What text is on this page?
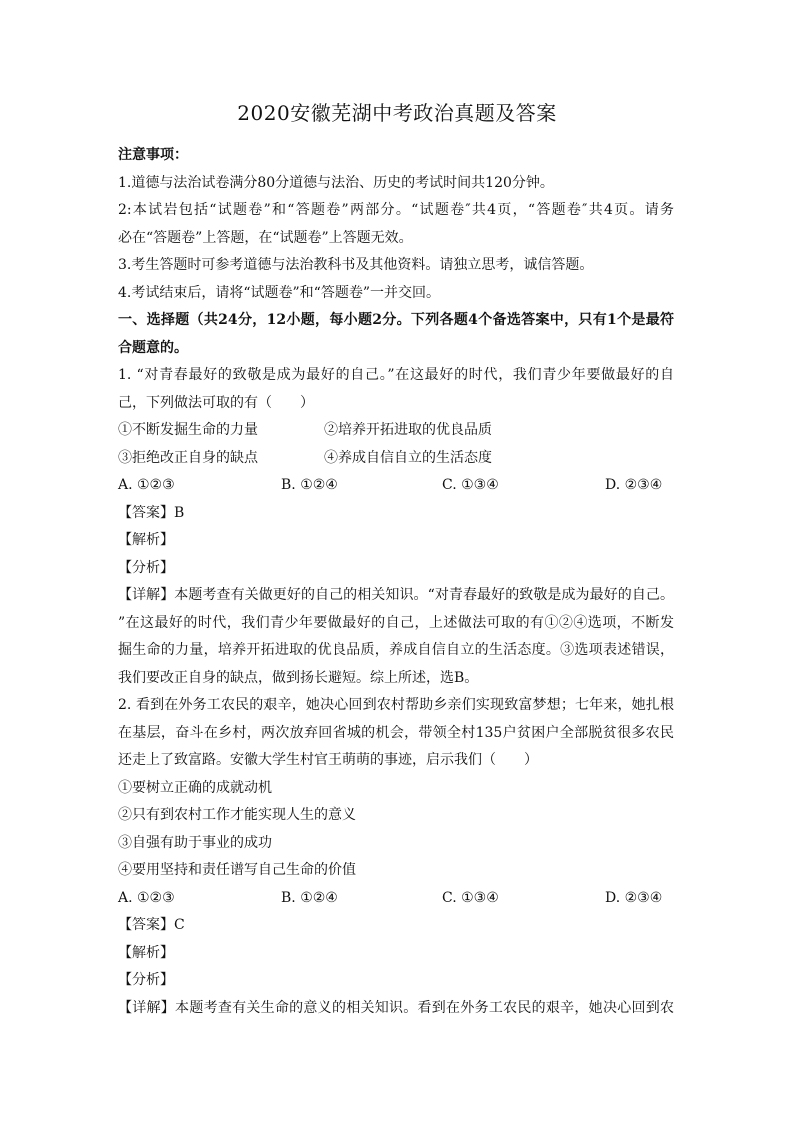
2020安徽芜湖中考政治真题及答案
注意事项：
1.道德与法治试卷满分80分道德与法治、历史的考试时间共120分钟。
2:本试岩包括“试题卷”和“答题卷”两部分。“试题卷″共4页，“答题卷″共4页。请务
必在“答题卷”上答题，在“试题卷”上答题无效。
3.考生答题时可参考道德与法治教科书及其他资料。请独立思考，诚信答题。
4.考试结束后，请将“试题卷”和“答题卷”一并交回。
一、选择题（共24分，12小题，每小题2分。下列各题4个备选答案中，只有1个是最符
合题意的。
1. “对青春最好的致敬是成为最好的自己。”在这最好的时代，我们青少年要做最好的自
己，下列做法可取的有（　　）
①不断发掘生命的力量	②培养开拓进取的优良品质
③拒绝改正自身的缺点	④养成自信自立的生活态度
A. ①②③	B. ①②④	C. ①③④	D. ②③④
【答案】B
【解析】
【分析】
【详解】本题考查有关做更好的自己的相关知识。“对青春最好的致敬是成为最好的自己。
”在这最好的时代，我们青少年要做最好的自己，上述做法可取的有①②④选项，不断发
掘生命的力量，培养开拓进取的优良品质，养成自信自立的生活态度。③选项表述错误，
我们要改正自身的缺点，做到扬长避短。综上所述，选B。
2. 看到在外务工农民的艰辛，她决心回到农村帮助乡亲们实现致富梦想；七年来，她扎根
在基层，奋斗在乡村，两次放弃回省城的机会，带领全村135户贫困户全部脱贫很多农民
还走上了致富路。安徽大学生村官王萌萌的事迹，启示我们（　　）
①要树立正确的成就动机
②只有到农村工作才能实现人生的意义
③自强有助于事业的成功
④要用坚持和责任谱写自己生命的价值
A. ①②③	B. ①②④	C. ①③④	D. ②③④
【答案】C
【解析】
【分析】
【详解】本题考查有关生命的意义的相关知识。看到在外务工农民的艰辛，她决心回到农
